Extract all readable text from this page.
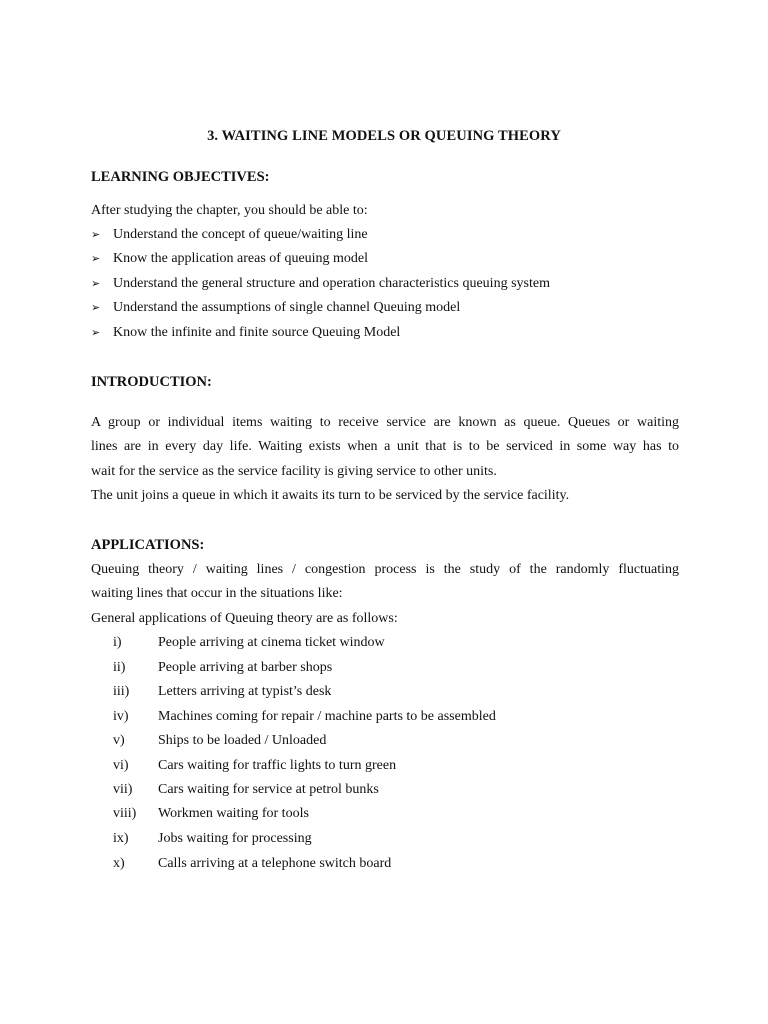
3. WAITING LINE MODELS OR QUEUING THEORY
LEARNING OBJECTIVES:
After studying the chapter, you should be able to:
➢ Understand the concept of queue/waiting line
➢ Know the application areas of queuing model
➢ Understand the general structure and operation characteristics queuing system
➢ Understand the assumptions of single channel Queuing model
➢ Know the infinite and finite source Queuing Model
INTRODUCTION:
A group or individual items waiting to receive service are known as queue. Queues or waiting
lines are in every day life. Waiting exists when a unit that is to be serviced in some way has to
wait for the service as the service facility is giving service to other units.
The unit joins a queue in which it awaits its turn to be serviced by the service facility.
APPLICATIONS:
Queuing theory / waiting lines / congestion process is the study of the randomly fluctuating
waiting lines that occur in the situations like:
General applications of Queuing theory are as follows:
i)	People arriving at cinema ticket window
ii)	People arriving at barber shops
iii)	Letters arriving at typist’s desk
iv)	Machines coming for repair / machine parts to be assembled
v)	Ships to be loaded / Unloaded
vi)	Cars waiting for traffic lights to turn green
vii)	Cars waiting for service at petrol bunks
viii)	Workmen waiting for tools
ix)	Jobs waiting for processing
x)	Calls arriving at a telephone switch board
